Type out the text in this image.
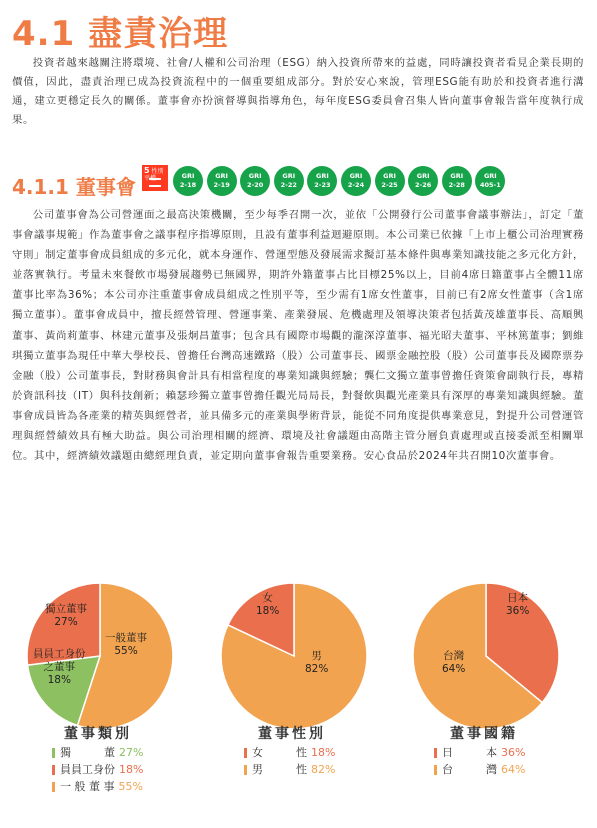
4.1 盡責治理

投資者越來越關注將環境、社會/人權和公司治理（ESG）納入投資所帶來的益處，同時讓投資者看見企業長期的價值，因此，盡責治理已成為投資流程中的一個重要組成部分。對於安心來說，管理ESG能有助於和投資者進行溝通，建立更穩定長久的關係。董事會亦扮演督導與指導角色，每年度ESG委員會召集人皆向董事會報告當年度執行成果。

4.1.1 董事會
5 性別平權	GRI
2-18
GRI
2-19
GRI
2-20
GRI
2-22
GRI
2-23
GRI
2-24
GRI
2-25
GRI
2-26
GRI
2-28
GRI
405-1

公司董事會為公司營運面之最高決策機關，至少每季召開一次，並依「公開發行公司董事會議事辦法」，訂定「董事會議事規範」作為董事會之議事程序指導原則，且設有董事利益迴避原則。本公司業已依據「上市上櫃公司治理實務守則」制定董事會成員組成的多元化，就本身運作、營運型態及發展需求擬訂基本條件與專業知識技能之多元化方針，並落實執行。考量未來餐飲市場發展趨勢已無國界，期許外籍董事占比目標25%以上，目前4席日籍董事占全體11席董事比率為36%；本公司亦注重董事會成員組成之性別平等，至少需有1席女性董事，目前已有2席女性董事（含1席獨立董事）。董事會成員中，擅長經營管理、營運事業、產業發展、危機處理及領導決策者包括黃茂雄董事長、高順興董事、黃尚莉董事、林建元董事及張炯昌董事；包含具有國際市場觀的瀧深淳董事、福光昭夫董事、平林篤董事；劉維琪獨立董事為現任中華大學校長、曾擔任台灣高速鐵路（股）公司董事長、國票金融控股（股）公司董事長及國際票券金融（股）公司董事長，對財務與會計具有相當程度的專業知識與經驗；龔仁文獨立董事曾擔任資策會副執行長，專精於資訊科技（IT）與科技創新；賴瑟珍獨立董事曾擔任觀光局局長，對餐飲與觀光產業具有深厚的專業知識與經驗。董事會成員皆為各產業的精英與經營者，並具備多元的產業與學術背景，能從不同角度提供專業意見，對提升公司營運管理與經營績效具有極大助益。與公司治理相關的經濟、環境及社會議題由高階主管分層負責處理或直接委派至相關單位。其中，經濟績效議題由總經理負責，並定期向董事會報告重要業務。安心食品於2024年共召開10次董事會。

一般董事
55%
員員工身份
之董事
18%
獨立董事
27%
男
82%
女
18%
日本
36%
台灣
64%
董事類別	董事性別	董事國籍
獨　　　董 27%
員員工身份 18%
一 般 董 事 55%
女　　　性 18%
男　　　性 82%
日　　　本 36%
台　　　灣 64%
